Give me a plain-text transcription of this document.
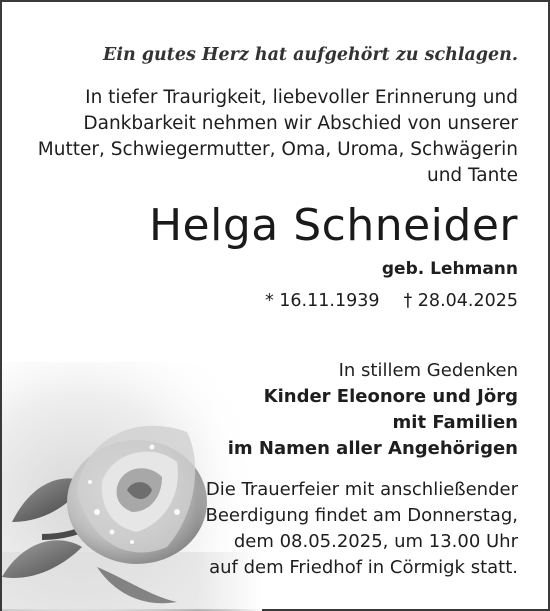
Ein gutes Herz hat aufgehört zu schlagen.
In tiefer Traurigkeit, liebevoller Erinnerung und
Dankbarkeit nehmen wir Abschied von unserer
Mutter, Schwiegermutter, Oma, Uroma, Schwägerin
und Tante
Helga Schneider
geb. Lehmann
* 16.11.1939 † 28.04.2025
In stillem Gedenken
Kinder Eleonore und Jörg
mit Familien
im Namen aller Angehörigen
Die Trauerfeier mit anschließender
Beerdigung findet am Donnerstag,
dem 08.05.2025, um 13.00 Uhr
auf dem Friedhof in Cörmigk statt.
